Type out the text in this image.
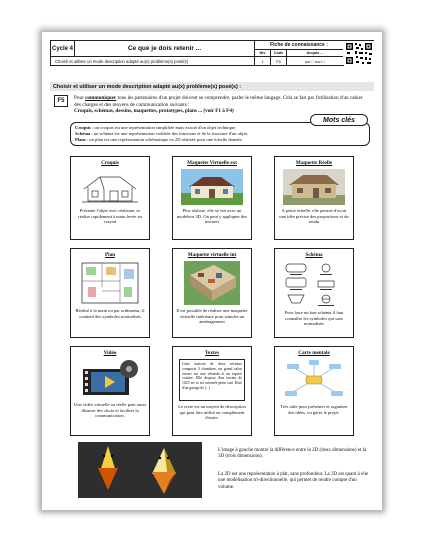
Cycle 4	Ce que je dois retenir ...
Choisir et utiliser un mode description adapté au(x) problème(s) posé(s)
Fiche de connaissance :
Niv	Code	Acquis ...
1	F5	oui □ non □
Choisir et utiliser un mode description adapté au(x) problème(s) posé(s) :
F5	Pour communiquer tous les partenaires d'un projet doivent se comprendre, parler le même langage. Cela se fait par l'utilisation d'un cahier des charges et des moyens de communication suivants :
Croquis, schémas, dessins, maquettes, prototypes, plans ... (voir F1 à F4)
Mots clés
Croquis : un croquis est une représentation simplifiée mais exacte d'un objet technique.
Schéma : un schéma est une représentation codifiée des fonctions et de la structure d'un objet.
Plans : un plan est une représentation schématique en 2D réalisée pour une échelle donnée.
Croquis
Présente l'objet avec réalisme, se réalise rapidement à main levée au crayon
Maquette Virtuelle ext
Plus réaliste, elle se fait avec un modeleur 3D. On peut y appliquer des textures
Maquette Réelle
A petite échelle, elle permet d'avoir une idée précise des proportions et du rendu
Plan
Réalisé à la main ou par ordinateur, il contient des symboles normalisés
Maquette virtuelle int
Il est possible de réaliser une maquette virtuelle intérieure pour simuler un aménagement
Schéma
Pour faire un bon schéma il faut connaître les symboles qui sont normalisés
Vidéo
Une vidéo virtuelle ou réelle peut aussi illustrer des choix et faciliter la communication.
Textes
Cette maison de deux niveaux comporte 3 chambres, un grand salon ouvert sur une véranda et un espace cuisine. Elle dispose d'un terrain de 1025 m² et est orientée plein sud. Doté d'un garage de [...]
Le texte est un moyen de description qui peut être utilisé en complément d'autre.
Carte mentale
Très utile pour présenter et organiser des idées, ou gérer le projet.
L'image à gauche montre la différence entre la 2D (deux dimensions) et la 3D (trois dimensions).
La 2D est une représentation à plat, sans profondeur. La 3D est quant à elle une modélisation tri-directionnelle, qui permet de rendre compte d'un volume.
